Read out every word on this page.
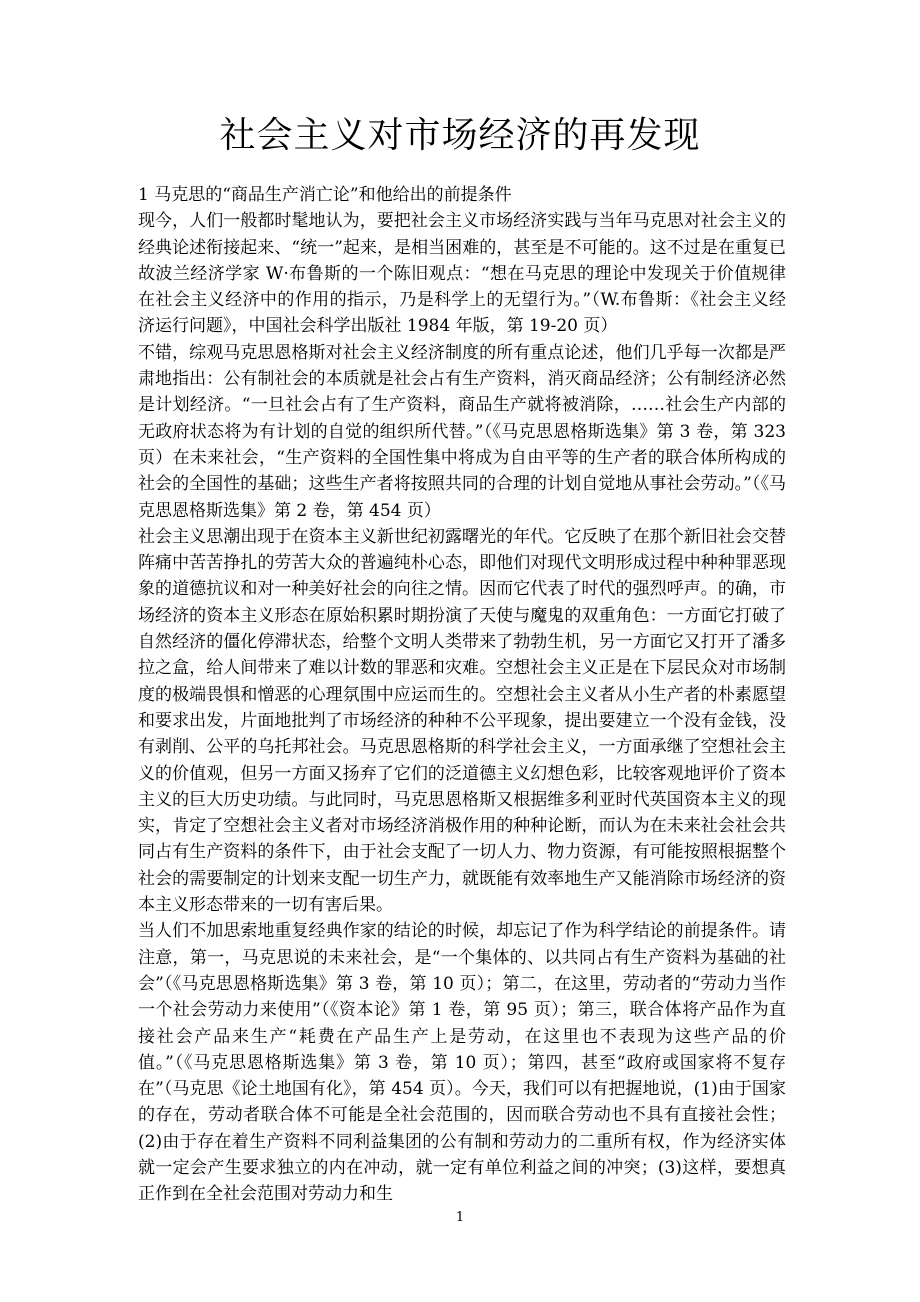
社会主义对市场经济的再发现

1 马克思的“商品生产消亡论”和他给出的前提条件

现今，人们一般都时髦地认为，要把社会主义市场经济实践与当年马克思对社会主义的经典论述衔接起来、“统一”起来，是相当困难的，甚至是不可能的。这不过是在重复已故波兰经济学家 W·布鲁斯的一个陈旧观点：“想在马克思的理论中发现关于价值规律在社会主义经济中的作用的指示，乃是科学上的无望行为。”（W.布鲁斯：《社会主义经济运行问题》，中国社会科学出版社 1984 年版，第 19-20 页）

不错，综观马克思恩格斯对社会主义经济制度的所有重点论述，他们几乎每一次都是严肃地指出：公有制社会的本质就是社会占有生产资料，消灭商品经济；公有制经济必然是计划经济。“一旦社会占有了生产资料，商品生产就将被消除，……社会生产内部的无政府状态将为有计划的自觉的组织所代替。”（《马克思恩格斯选集》第 3 卷，第 323 页）在未来社会，“生产资料的全国性集中将成为自由平等的生产者的联合体所构成的社会的全国性的基础；这些生产者将按照共同的合理的计划自觉地从事社会劳动。”（《马克思恩格斯选集》第 2 卷，第 454 页）

社会主义思潮出现于在资本主义新世纪初露曙光的年代。它反映了在那个新旧社会交替阵痛中苦苦挣扎的劳苦大众的普遍纯朴心态，即他们对现代文明形成过程中种种罪恶现象的道德抗议和对一种美好社会的向往之情。因而它代表了时代的强烈呼声。的确，市场经济的资本主义形态在原始积累时期扮演了天使与魔鬼的双重角色：一方面它打破了自然经济的僵化停滞状态，给整个文明人类带来了勃勃生机，另一方面它又打开了潘多拉之盒，给人间带来了难以计数的罪恶和灾难。空想社会主义正是在下层民众对市场制度的极端畏惧和憎恶的心理氛围中应运而生的。空想社会主义者从小生产者的朴素愿望和要求出发，片面地批判了市场经济的种种不公平现象，提出要建立一个没有金钱，没有剥削、公平的乌托邦社会。马克思恩格斯的科学社会主义，一方面承继了空想社会主义的价值观，但另一方面又扬弃了它们的泛道德主义幻想色彩，比较客观地评价了资本主义的巨大历史功绩。与此同时，马克思恩格斯又根据维多利亚时代英国资本主义的现实，肯定了空想社会主义者对市场经济消极作用的种种论断，而认为在未来社会社会共同占有生产资料的条件下，由于社会支配了一切人力、物力资源，有可能按照根据整个社会的需要制定的计划来支配一切生产力，就既能有效率地生产又能消除市场经济的资本主义形态带来的一切有害后果。

当人们不加思索地重复经典作家的结论的时候，却忘记了作为科学结论的前提条件。请注意，第一，马克思说的未来社会，是“一个集体的、以共同占有生产资料为基础的社会”（《马克思恩格斯选集》第 3 卷，第 10 页）；第二，在这里，劳动者的“劳动力当作一个社会劳动力来使用”（《资本论》第 1 卷，第 95 页）；第三，联合体将产品作为直接社会产品来生产“耗费在产品生产上是劳动，在这里也不表现为这些产品的价值。”（《马克思恩格斯选集》第 3 卷，第 10 页）；第四，甚至“政府或国家将不复存在”（马克思《论土地国有化》，第 454 页）。今天，我们可以有把握地说，(1)由于国家的存在，劳动者联合体不可能是全社会范围的，因而联合劳动也不具有直接社会性；(2)由于存在着生产资料不同利益集团的公有制和劳动力的二重所有权，作为经济实体就一定会产生要求独立的内在冲动，就一定有单位利益之间的冲突；(3)这样，要想真正作到在全社会范围对劳动力和生

1
